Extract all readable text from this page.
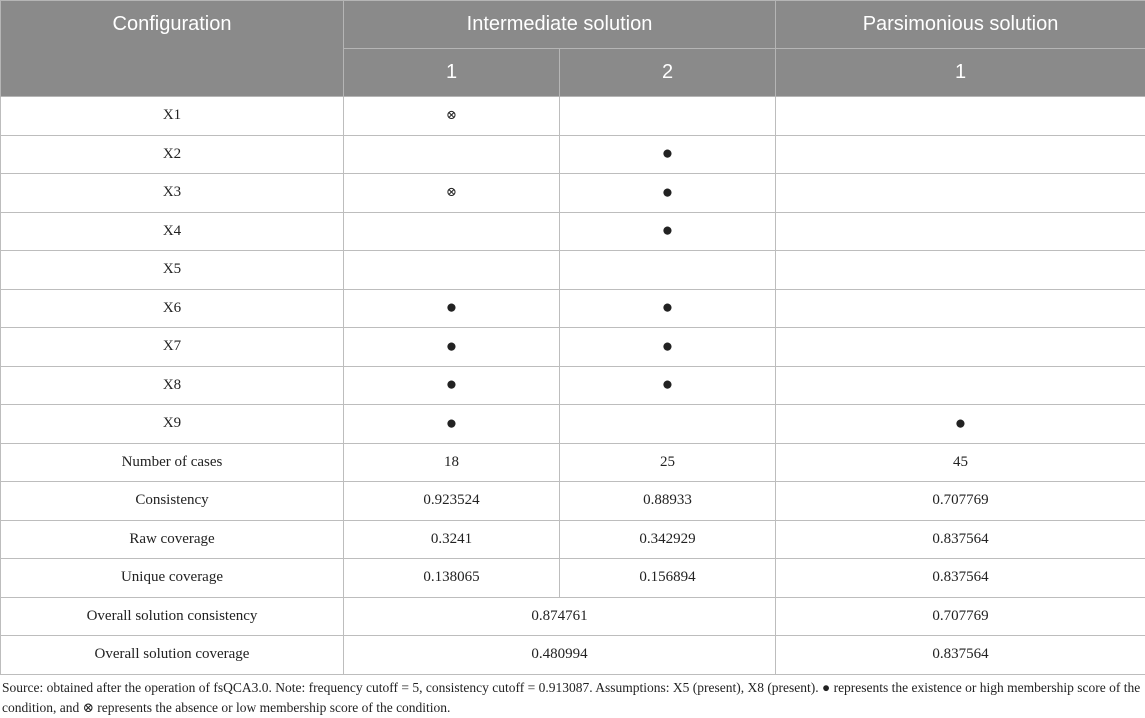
Configuration	Intermediate solution		Parsimonious solution
	1	2	1
X1	⊗		
X2		●	
X3	⊗	●	
X4		●	
X5			
X6	●	●	
X7	●	●	
X8	●	●	
X9	●		●
Number of cases	18	25	45
Consistency	0.923524	0.88933	0.707769
Raw coverage	0.3241	0.342929	0.837564
Unique coverage	0.138065	0.156894	0.837564
Overall solution consistency	0.874761		0.707769
Overall solution coverage	0.480994		0.837564
Source: obtained after the operation of fsQCA3.0. Note: frequency cutoff = 5, consistency cutoff = 0.913087. Assumptions: X5 (present), X8 (present). ● represents the existence or high membership score of the condition, and ⊗ represents the absence or low membership score of the condition.
